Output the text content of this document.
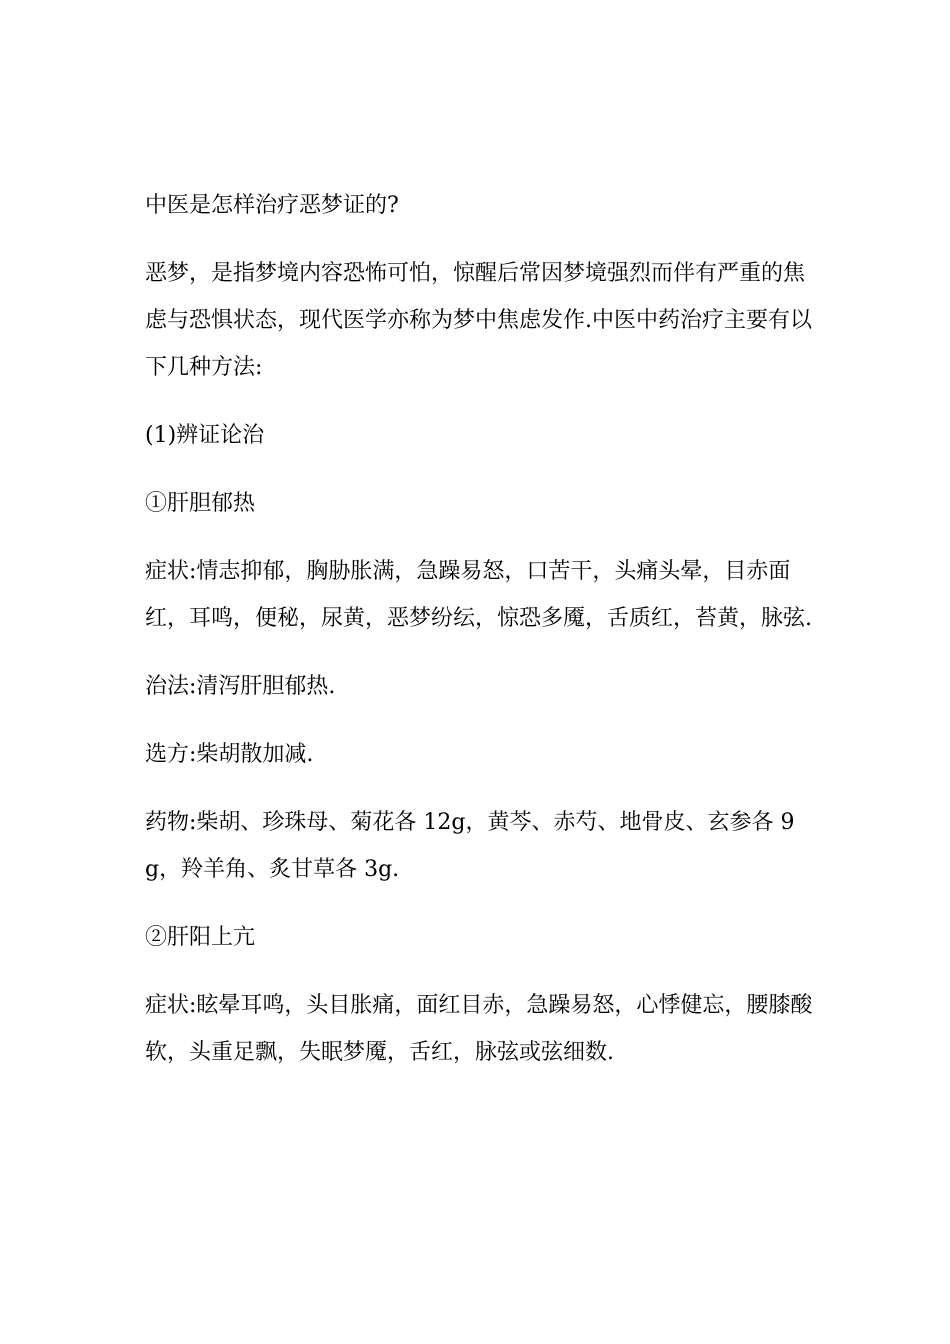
中医是怎样治疗恶梦证的?

恶梦，是指梦境内容恐怖可怕，惊醒后常因梦境强烈而伴有严重的焦虑与恐惧状态，现代医学亦称为梦中焦虑发作.中医中药治疗主要有以下几种方法:

(1)辨证论治

①肝胆郁热

症状:情志抑郁，胸胁胀满，急躁易怒，口苦干，头痛头晕，目赤面红，耳鸣，便秘，尿黄，恶梦纷纭，惊恐多魇，舌质红，苔黄，脉弦.

治法:清泻肝胆郁热.

选方:柴胡散加减.

药物:柴胡、珍珠母、菊花各 12g，黄芩、赤芍、地骨皮、玄参各 9g，羚羊角、炙甘草各 3g.

②肝阳上亢

症状:眩晕耳鸣，头目胀痛，面红目赤，急躁易怒，心悸健忘，腰膝酸软，头重足飘，失眠梦魇，舌红，脉弦或弦细数.
